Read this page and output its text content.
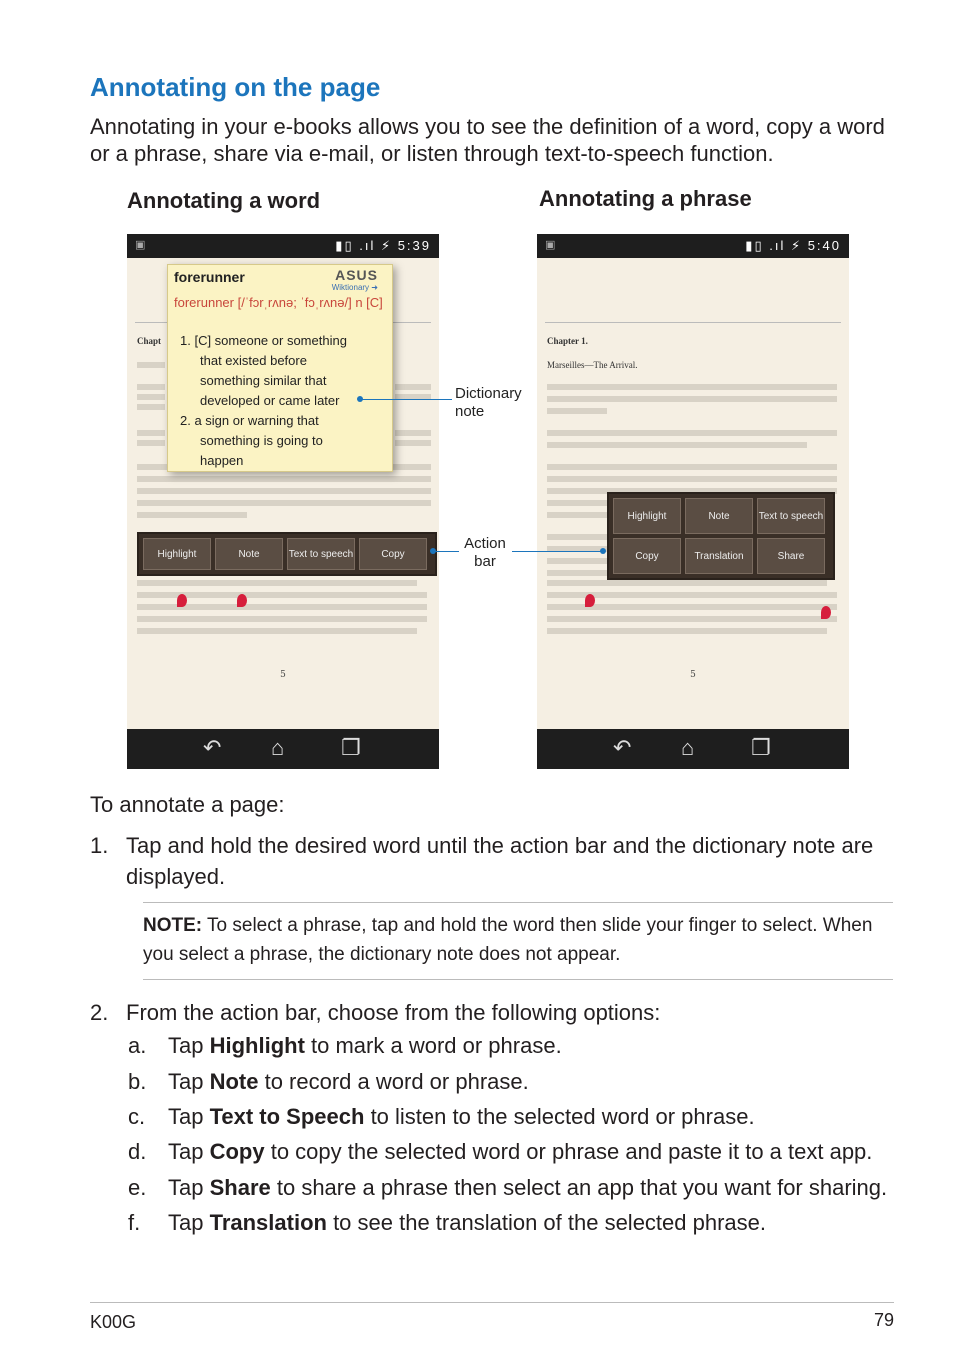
Annotating on the page
Annotating in your e-books allows you to see the definition of a word, copy a word or a phrase, share via e-mail, or listen through text-to-speech function.
Annotating a word	Annotating a phrase
▣	▮▯ .ıl ⚡ 5:39
Chapt
forerunner	ASUS
Wiktionary ➜
forerunner [/ˈfɔrˌrʌnə; ˈfɔˌrʌnə/] n [C]
1. [C] someone or something
that existed before
something similar that
developed or came later
2. a sign or warning that
something is going to
happen
Highlight	Note	Text to speech	Copy
5
↶ ⌂	❐
▣	▮▯ .ıl ⚡ 5:40
Chapter 1.
Marseilles—The Arrival.
Highlight	Note	Text to speech
Copy	Translation	Share
5
↶ ⌂	❐
Dictionary
note
Action
bar
To annotate a page:
1. Tap and hold the desired word until the action bar and the dictionary note are displayed.
NOTE: To select a phrase, tap and hold the word then slide your finger to select. When you select a phrase, the dictionary note does not appear.
2. From the action bar, choose from the following options:
a. Tap Highlight to mark a word or phrase.
b. Tap Note to record a word or phrase.
c. Tap Text to Speech to listen to the selected word or phrase.
d. Tap Copy to copy the selected word or phrase and paste it to a text app.
e. Tap Share to share a phrase then select an app that you want for sharing.
f. Tap Translation to see the translation of the selected phrase.
K00G	79
